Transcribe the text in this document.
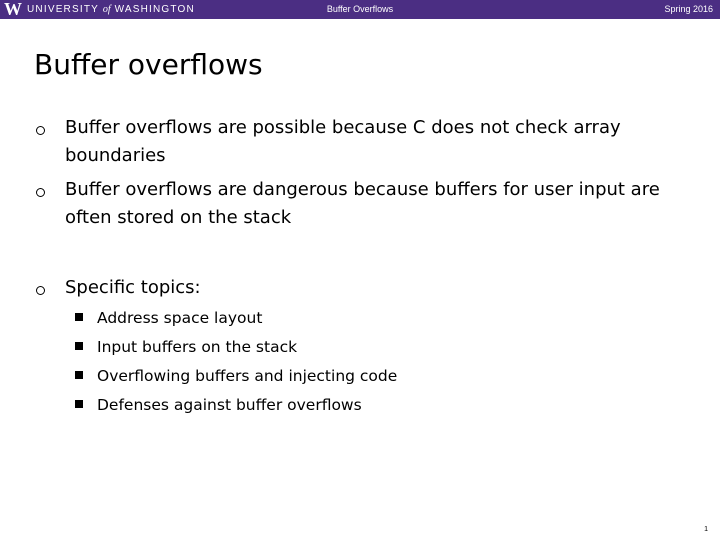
W UNIVERSITY of WASHINGTON	Buffer Overflows	Spring 2016
Buffer overflows
Buffer overflows are possible because C does not check array boundaries
Buffer overflows are dangerous because buffers for user input are often stored on the stack
Specific topics:
Address space layout
Input buffers on the stack
Overflowing buffers and injecting code
Defenses against buffer overflows
1
